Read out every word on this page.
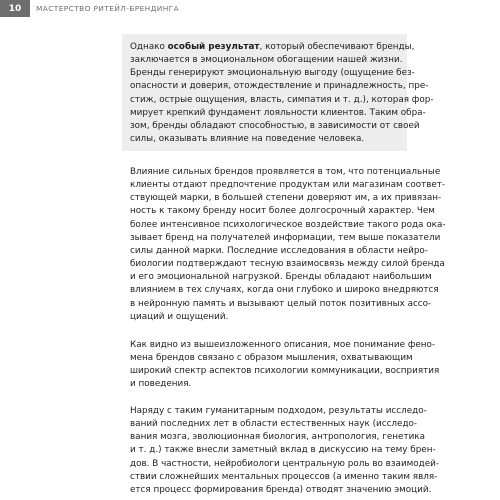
10	МАСТЕРСТВО РИТЕЙЛ-БРЕНДИНГА
Однако особый результат, который обеспечивают бренды,
заключается в эмоциональном обогащении нашей жизни.
Бренды генерируют эмоциональную выгоду (ощущение без-
опасности и доверия, отождествление и принадлежность, пре-
стиж, острые ощущения, власть, симпатия и т. д.), которая фор-
мирует крепкий фундамент лояльности клиентов. Таким обра-
зом, бренды обладают способностью, в зависимости от своей
силы, оказывать влияние на поведение человека.
Влияние сильных брендов проявляется в том, что потенциальные
клиенты отдают предпочтение продуктам или магазинам соответ-
ствующей марки, в большей степени доверяют им, а их привязан-
ность к такому бренду носит более долгосрочный характер. Чем
более интенсивное психологическое воздействие такого рода ока-
зывает бренд на получателей информации, тем выше показатели
силы данной марки. Последние исследования в области нейро-
биологии подтверждают тесную взаимосвязь между силой бренда
и его эмоциональной нагрузкой. Бренды обладают наибольшим
влиянием в тех случаях, когда они глубоко и широко внедряются
в нейронную память и вызывают целый поток позитивных ассо-
циаций и ощущений.
Как видно из вышеизложенного описания, мое понимание фено-
мена брендов связано с образом мышления, охватывающим
широкий спектр аспектов психологии коммуникации, восприятия
и поведения.
Наряду с таким гуманитарным подходом, результаты исследо-
ваний последних лет в области естественных наук (исследо-
вания мозга, эволюционная биология, антропология, генетика
и т. д.) также внесли заметный вклад в дискуссию на тему брен-
дов. В частности, нейробиологи центральную роль во взаимодей-
ствии сложнейших ментальных процессов (а именно таким явля-
ется процесс формирования бренда) отводят значению эмоций.
